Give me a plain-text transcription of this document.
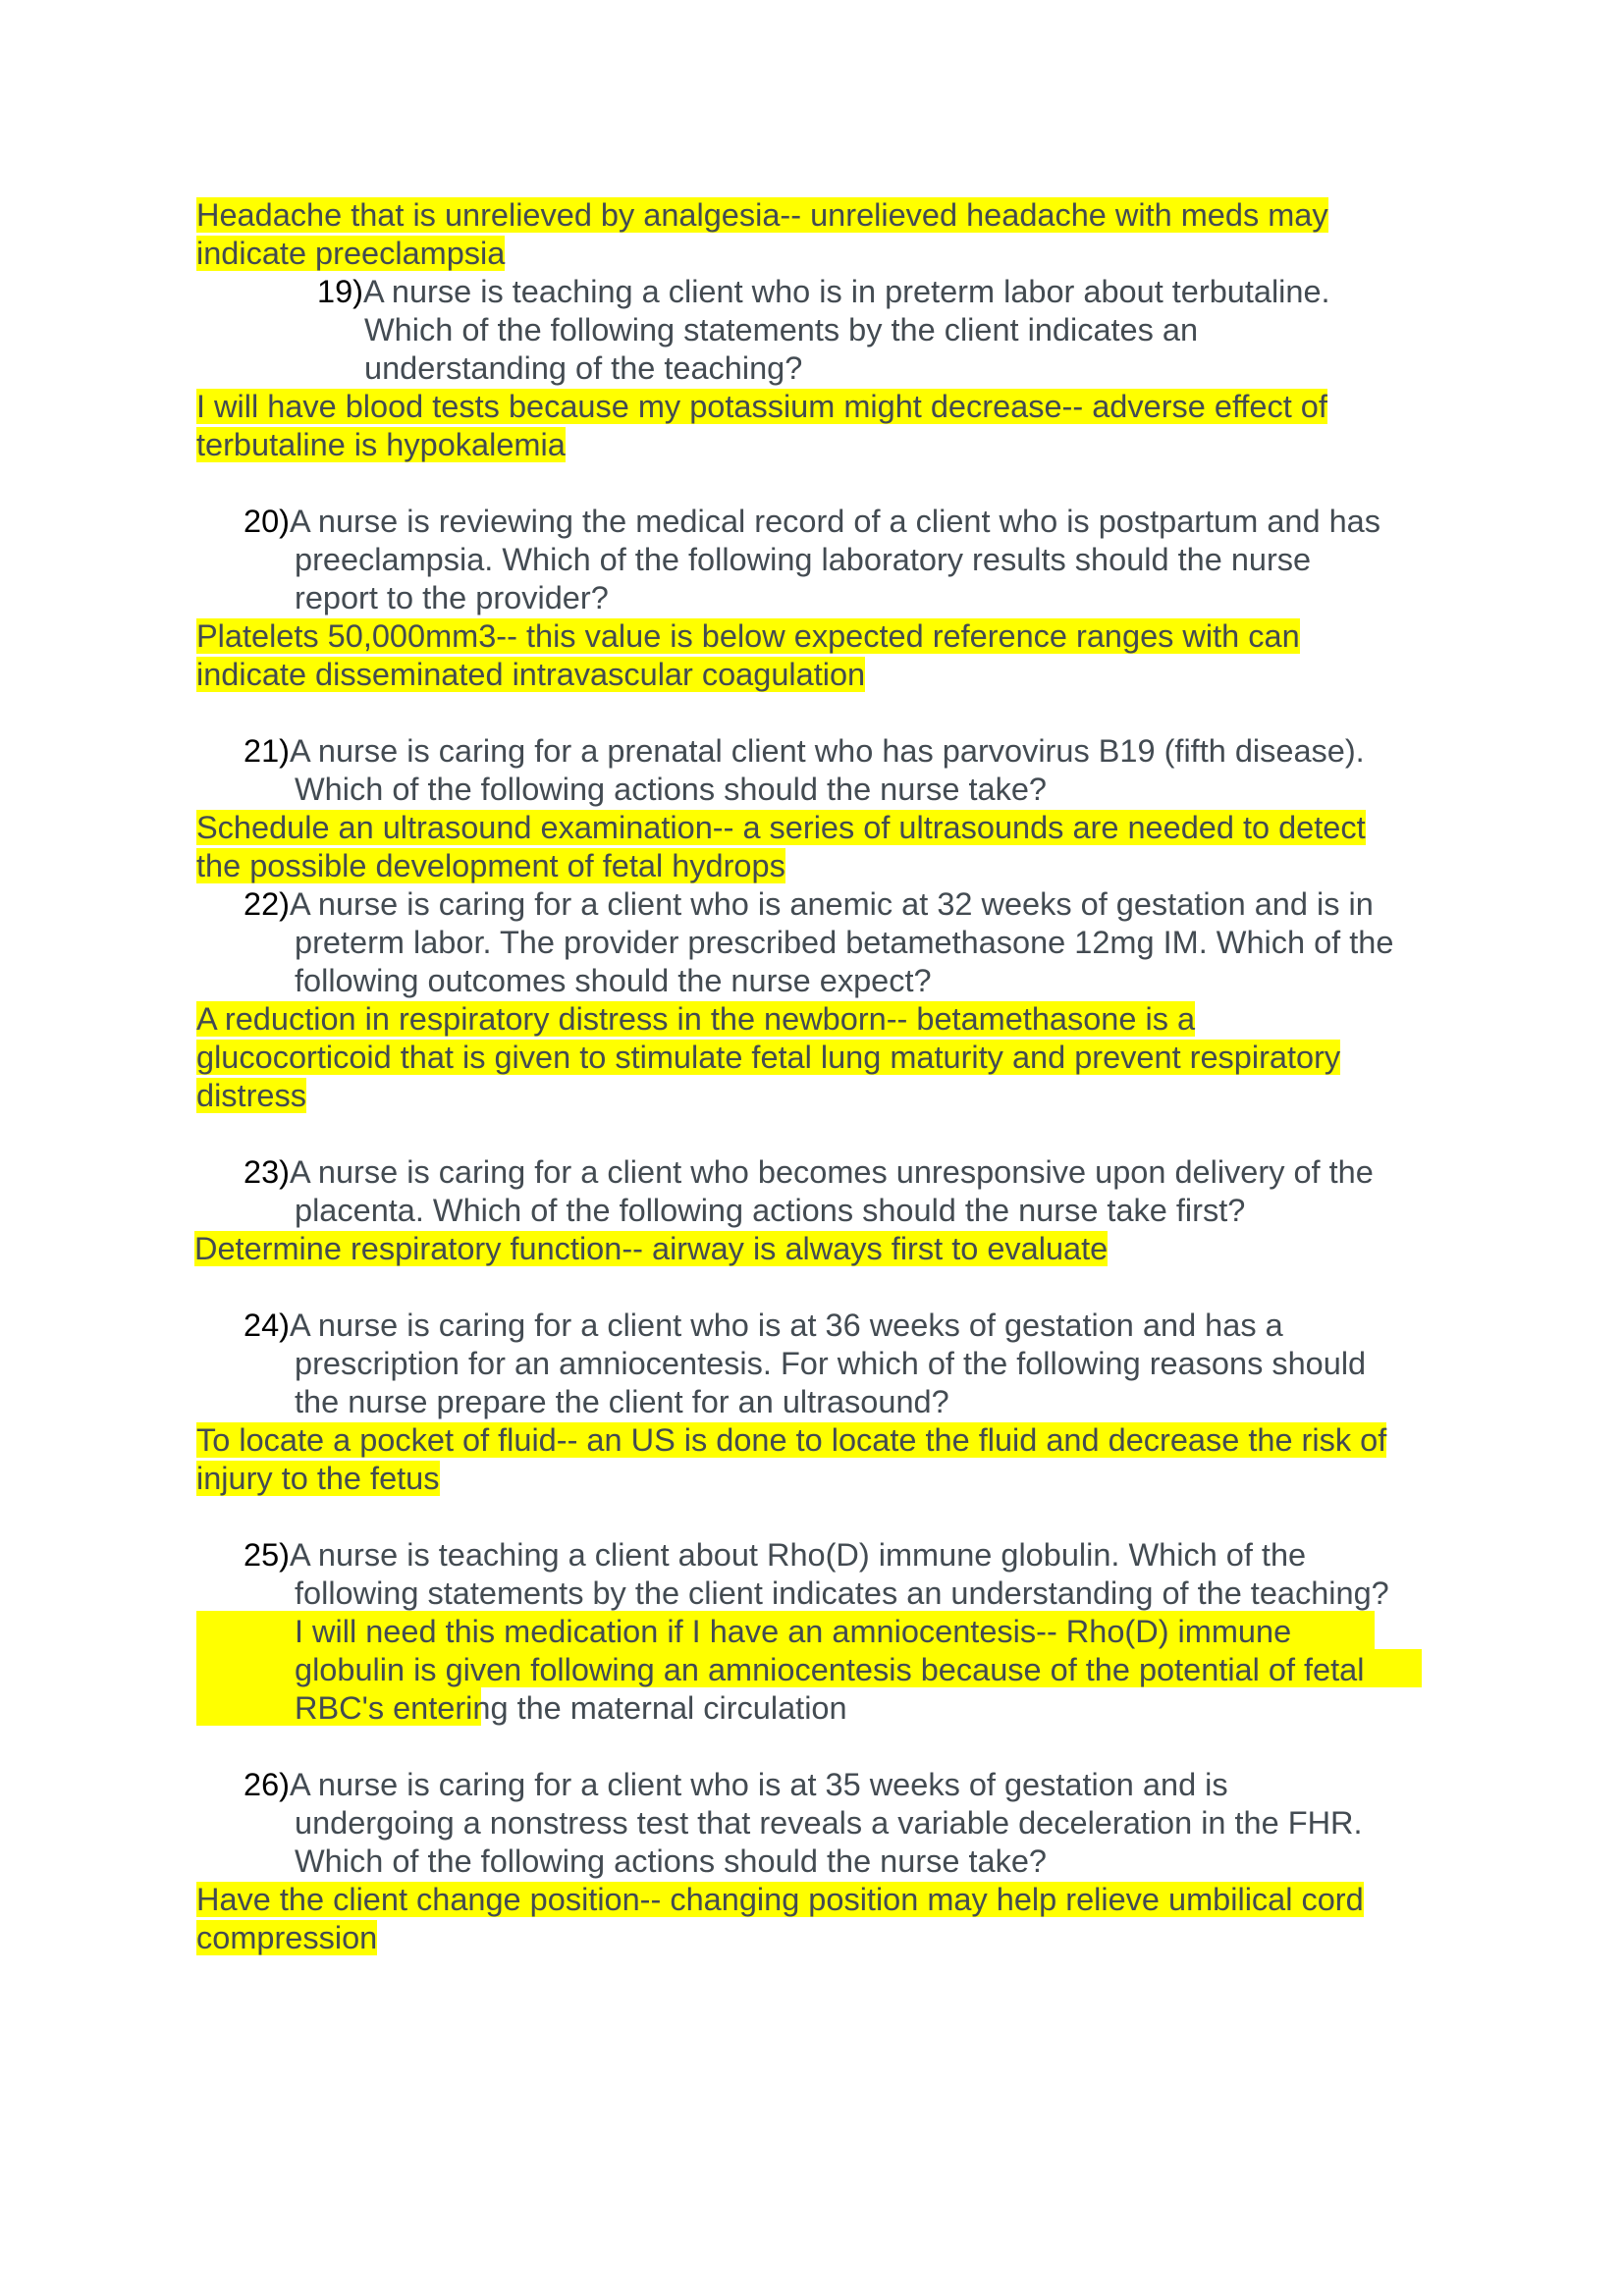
Headache that is unrelieved by analgesia-- unrelieved headache with meds may
indicate preeclampsia
19)A nurse is teaching a client who is in preterm labor about terbutaline.
Which of the following statements by the client indicates an
understanding of the teaching?
I will have blood tests because my potassium might decrease-- adverse effect of
terbutaline is hypokalemia
20)A nurse is reviewing the medical record of a client who is postpartum and has
preeclampsia. Which of the following laboratory results should the nurse
report to the provider?
Platelets 50,000mm3-- this value is below expected reference ranges with can
indicate disseminated intravascular coagulation
21)A nurse is caring for a prenatal client who has parvovirus B19 (fifth disease).
Which of the following actions should the nurse take?
Schedule an ultrasound examination-- a series of ultrasounds are needed to detect
the possible development of fetal hydrops
22)A nurse is caring for a client who is anemic at 32 weeks of gestation and is in
preterm labor. The provider prescribed betamethasone 12mg IM. Which of the
following outcomes should the nurse expect?
A reduction in respiratory distress in the newborn-- betamethasone is a
glucocorticoid that is given to stimulate fetal lung maturity and prevent respiratory
distress
23)A nurse is caring for a client who becomes unresponsive upon delivery of the
placenta. Which of the following actions should the nurse take first?
Determine respiratory function-- airway is always first to evaluate
24)A nurse is caring for a client who is at 36 weeks of gestation and has a
prescription for an amniocentesis. For which of the following reasons should
the nurse prepare the client for an ultrasound?
To locate a pocket of fluid-- an US is done to locate the fluid and decrease the risk of
injury to the fetus
25)A nurse is teaching a client about Rho(D) immune globulin. Which of the
following statements by the client indicates an understanding of the teaching?
I will need this medication if I have an amniocentesis-- Rho(D) immune
globulin is given following an amniocentesis because of the potential of fetal
RBC's entering the maternal circulation
26)A nurse is caring for a client who is at 35 weeks of gestation and is
undergoing a nonstress test that reveals a variable deceleration in the FHR.
Which of the following actions should the nurse take?
Have the client change position-- changing position may help relieve umbilical cord
compression
